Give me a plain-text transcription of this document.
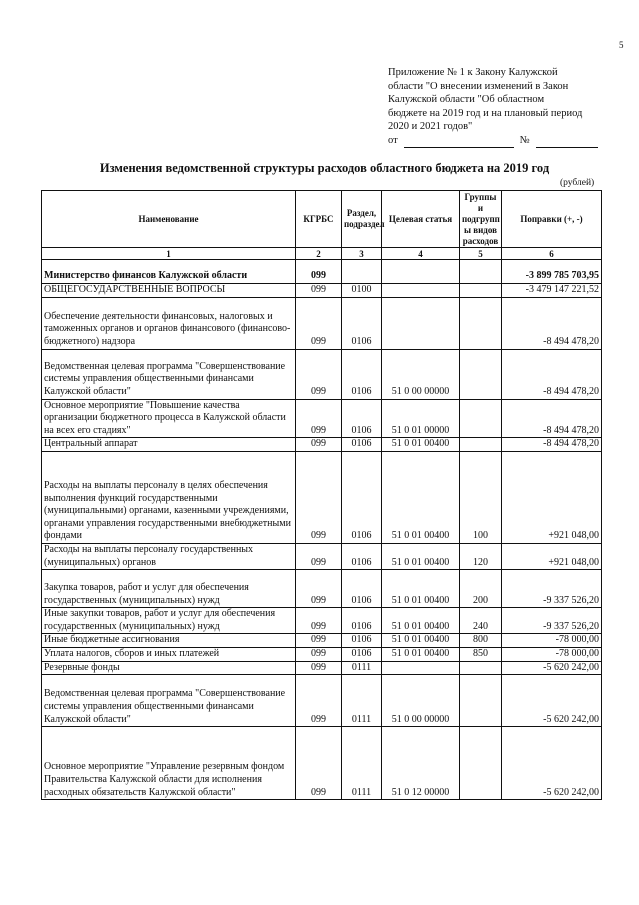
5
Приложение № 1 к Закону Калужской
области "О внесении изменений в Закон
Калужской области "Об областном
бюджете на 2019 год и на плановый период
2020 и 2021 годов"
от	№
Изменения ведомственной структуры расходов областного бюджета на 2019 год
(рублей)
Наименование	КГРБС	Раздел, подраздел	Целевая статья	Группы и подгрупп ы видов расходов	Поправки (+, -)
1	2	3	4	5	6
Министерство финансов Калужской области	099				-3 899 785 703,95
ОБЩЕГОСУДАРСТВЕННЫЕ ВОПРОСЫ	099	0100			-3 479 147 221,52
Обеспечение деятельности финансовых, налоговых и таможенных органов и органов финансового (финансово-бюджетного) надзора	099	0106			-8 494 478,20
Ведомственная целевая программа "Совершенствование системы управления общественными финансами Калужской области"	099	0106	51 0 00 00000		-8 494 478,20
Основное мероприятие "Повышение качества организации бюджетного процесса в Калужской области на всех его стадиях"	099	0106	51 0 01 00000		-8 494 478,20
Центральный аппарат	099	0106	51 0 01 00400		-8 494 478,20
Расходы на выплаты персоналу в целях обеспечения выполнения функций государственными (муниципальными) органами, казенными учреждениями, органами управления государственными внебюджетными фондами	099	0106	51 0 01 00400	100	+921 048,00
Расходы на выплаты персоналу государственных (муниципальных) органов	099	0106	51 0 01 00400	120	+921 048,00
Закупка товаров, работ и услуг для обеспечения государственных (муниципальных) нужд	099	0106	51 0 01 00400	200	-9 337 526,20
Иные закупки товаров, работ и услуг для обеспечения государственных (муниципальных) нужд	099	0106	51 0 01 00400	240	-9 337 526,20
Иные бюджетные ассигнования	099	0106	51 0 01 00400	800	-78 000,00
Уплата налогов, сборов и иных платежей	099	0106	51 0 01 00400	850	-78 000,00
Резервные фонды	099	0111			-5 620 242,00
Ведомственная целевая программа "Совершенствование системы управления общественными финансами Калужской области"	099	0111	51 0 00 00000		-5 620 242,00
Основное мероприятие "Управление резервным фондом Правительства Калужской области для исполнения расходных обязательств Калужской области"	099	0111	51 0 12 00000		-5 620 242,00
